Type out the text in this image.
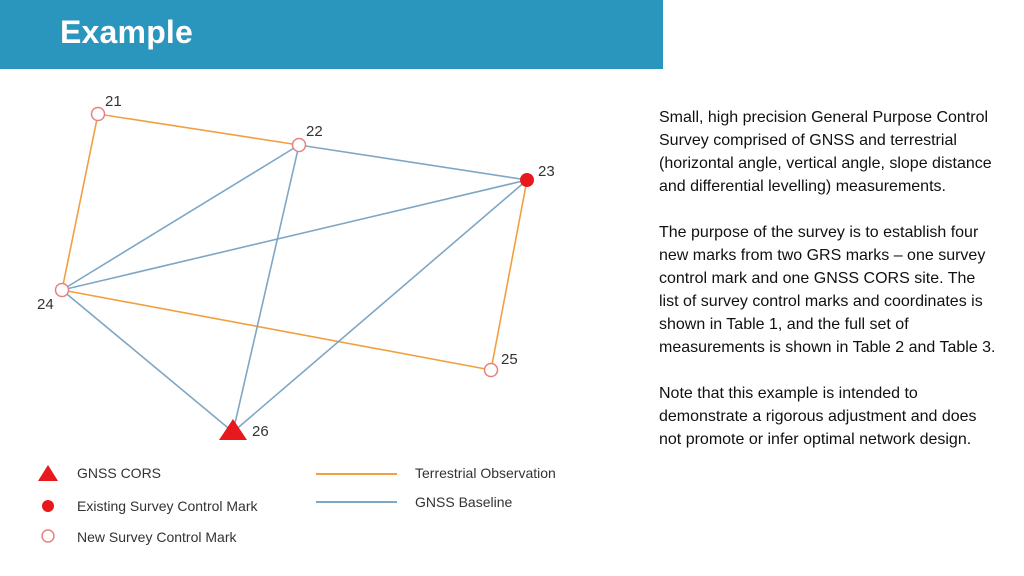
Example
21
22
23
24
25
26
GNSS CORS
Existing Survey Control Mark
New Survey Control Mark
Terrestrial Observation
GNSS Baseline

Small, high precision General Purpose Control Survey comprised of GNSS and terrestrial (horizontal angle, vertical angle, slope distance and differential levelling) measurements.

The purpose of the survey is to establish four new marks from two GRS marks – one survey control mark and one GNSS CORS site. The list of survey control marks and coordinates is shown in Table 1, and the full set of measurements is shown in Table 2 and Table 3.

Note that this example is intended to demonstrate a rigorous adjustment and does not promote or infer optimal network design.
